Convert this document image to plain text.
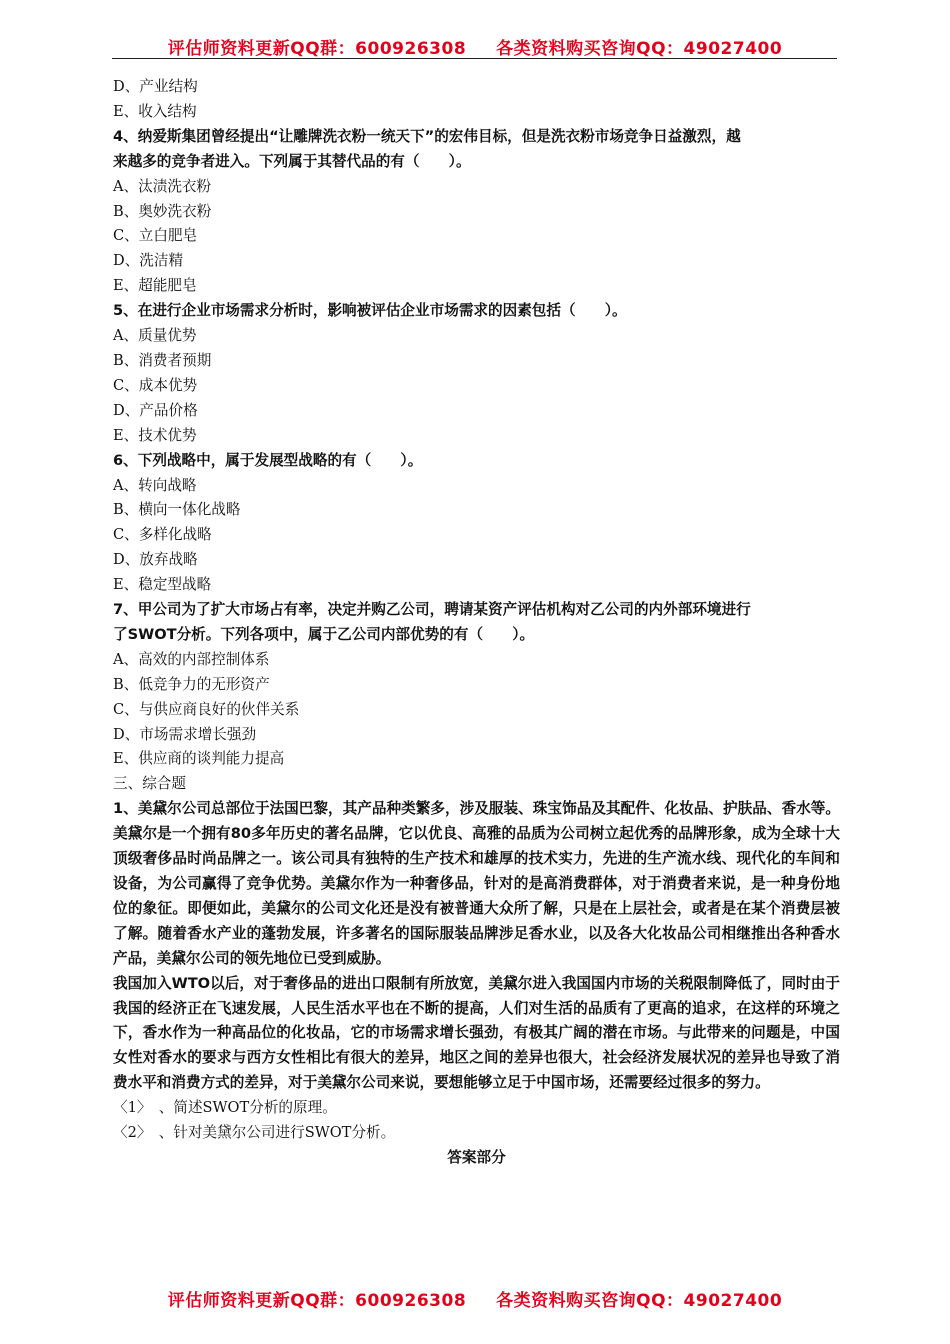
评估师资料更新QQ群：600926308 各类资料购买咨询QQ：49027400
D、产业结构
E、收入结构
4、纳爱斯集团曾经提出“让雕牌洗衣粉一统天下”的宏伟目标，但是洗衣粉市场竞争日益激烈，越
来越多的竞争者进入。下列属于其替代品的有（　　）。
A、汰渍洗衣粉
B、奥妙洗衣粉
C、立白肥皂
D、洗洁精
E、超能肥皂
5、在进行企业市场需求分析时，影响被评估企业市场需求的因素包括（　　）。
A、质量优势
B、消费者预期
C、成本优势
D、产品价格
E、技术优势
6、下列战略中，属于发展型战略的有（　　）。
A、转向战略
B、横向一体化战略
C、多样化战略
D、放弃战略
E、稳定型战略
7、甲公司为了扩大市场占有率，决定并购乙公司，聘请某资产评估机构对乙公司的内外部环境进行
了SWOT分析。下列各项中，属于乙公司内部优势的有（　　）。
A、高效的内部控制体系
B、低竞争力的无形资产
C、与供应商良好的伙伴关系
D、市场需求增长强劲
E、供应商的谈判能力提高
三、综合题
1、美黛尔公司总部位于法国巴黎，其产品种类繁多，涉及服装、珠宝饰品及其配件、化妆品、护肤品、香水等。美黛尔是一个拥有80多年历史的著名品牌，它以优良、高雅的品质为公司树立起优秀的品牌形象，成为全球十大顶级奢侈品时尚品牌之一。该公司具有独特的生产技术和雄厚的技术实力，先进的生产流水线、现代化的车间和设备，为公司赢得了竞争优势。美黛尔作为一种奢侈品，针对的是高消费群体，对于消费者来说，是一种身份地位的象征。即便如此，美黛尔的公司文化还是没有被普通大众所了解，只是在上层社会，或者是在某个消费层被了解。随着香水产业的蓬勃发展，许多著名的国际服装品牌涉足香水业，以及各大化妆品公司相继推出各种香水产品，美黛尔公司的领先地位已受到威胁。
我国加入WTO以后，对于奢侈品的进出口限制有所放宽，美黛尔进入我国国内市场的关税限制降低了，同时由于我国的经济正在飞速发展，人民生活水平也在不断的提高，人们对生活的品质有了更高的追求，在这样的环境之下，香水作为一种高品位的化妆品，它的市场需求增长强劲，有极其广阔的潜在市场。与此带来的问题是，中国女性对香水的要求与西方女性相比有很大的差异，地区之间的差异也很大，社会经济发展状况的差异也导致了消费水平和消费方式的差异，对于美黛尔公司来说，要想能够立足于中国市场，还需要经过很多的努力。
〈1〉　、简述SWOT分析的原理。
〈2〉　、针对美黛尔公司进行SWOT分析。
答案部分
评估师资料更新QQ群：600926308 各类资料购买咨询QQ：49027400
